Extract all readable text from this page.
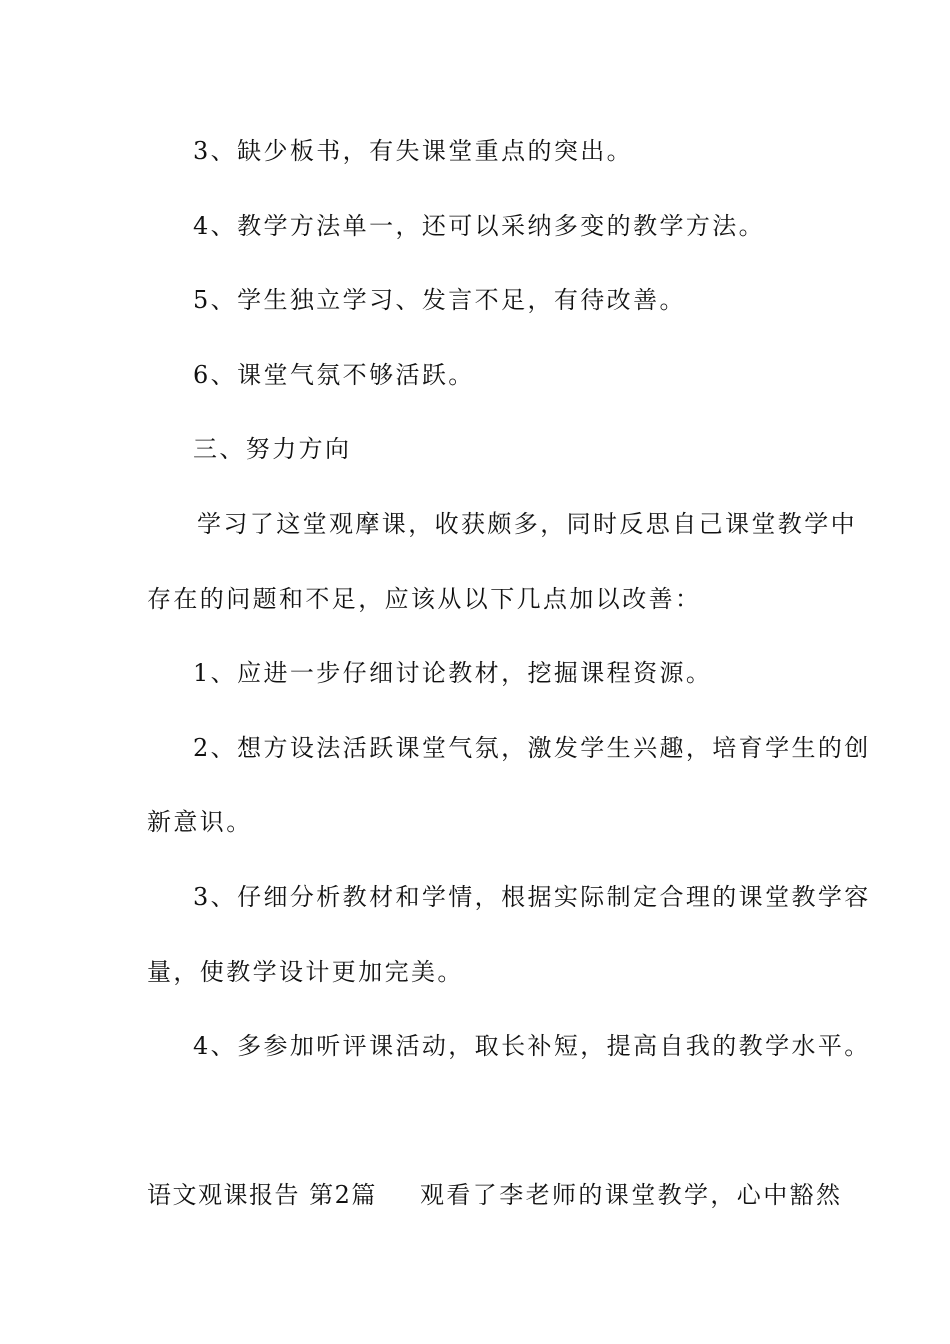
3、缺少板书，有失课堂重点的突出。
4、教学方法单一，还可以采纳多变的教学方法。
5、学生独立学习、发言不足，有待改善。
6、课堂气氛不够活跃。
三、努力方向
学习了这堂观摩课，收获颇多，同时反思自己课堂教学中
存在的问题和不足，应该从以下几点加以改善：
1、应进一步仔细讨论教材，挖掘课程资源。
2、想方设法活跃课堂气氛，激发学生兴趣，培育学生的创
新意识。
3、仔细分析教材和学情，根据实际制定合理的课堂教学容
量，使教学设计更加完美。
4、多参加听评课活动，取长补短，提高自我的教学水平。
语文观课报告 第2篇 观看了李老师的课堂教学，心中豁然
